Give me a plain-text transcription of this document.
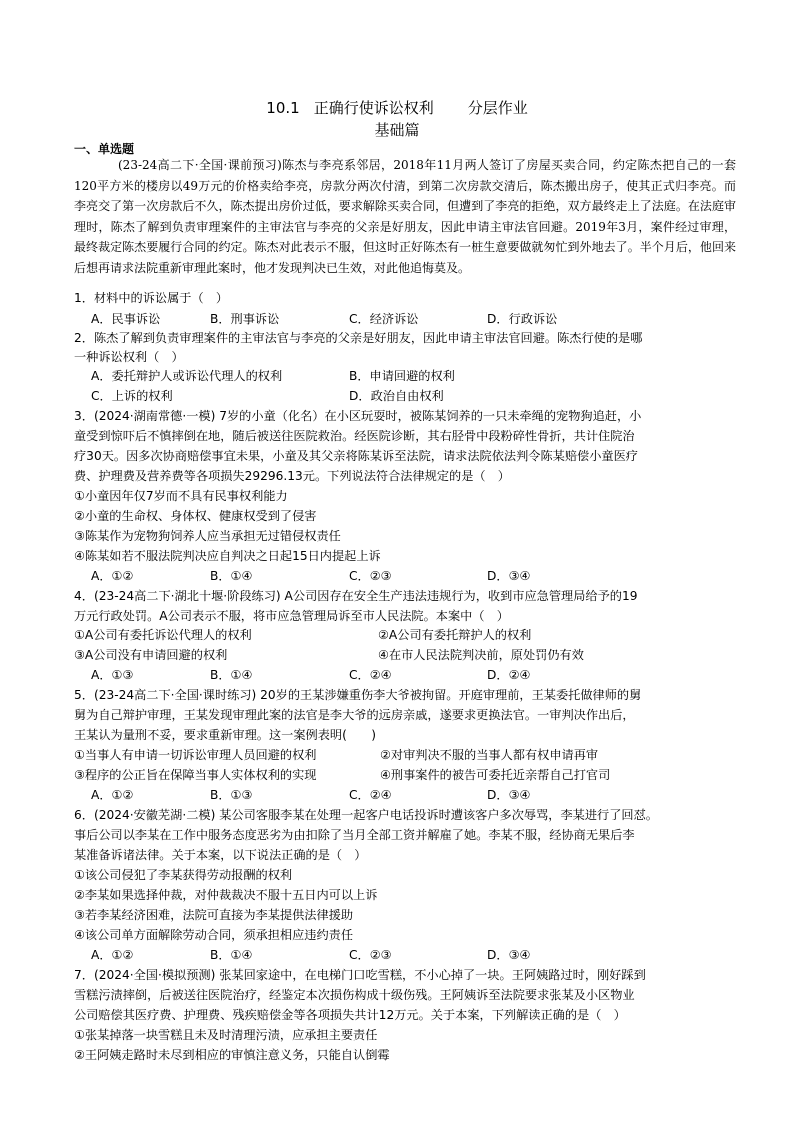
10.1 正确行使诉讼权利 分层作业
基础篇
一、单选题

(23-24高二下·全国·课前预习)陈杰与李亮系邻居，2018年11月两人签订了房屋买卖合同，约定陈杰把自己的一套120平方米的楼房以49万元的价格卖给李亮，房款分两次付清，到第二次房款交清后，陈杰搬出房子，使其正式归李亮。而李亮交了第一次房款后不久，陈杰提出房价过低，要求解除买卖合同，但遭到了李亮的拒绝，双方最终走上了法庭。在法庭审理时，陈杰了解到负责审理案件的主审法官与李亮的父亲是好朋友，因此申请主审法官回避。2019年3月，案件经过审理，最终裁定陈杰要履行合同的约定。陈杰对此表示不服，但这时正好陈杰有一桩生意要做就匆忙到外地去了。半个月后，他回来后想再请求法院重新审理此案时，他才发现判决已生效，对此他追悔莫及。

1．材料中的诉讼属于（　）
A．民事诉讼	B．刑事诉讼	C．经济诉讼	D．行政诉讼
2．陈杰了解到负责审理案件的主审法官与李亮的父亲是好朋友，因此申请主审法官回避。陈杰行使的是哪
一种诉讼权利（　）
A．委托辩护人或诉讼代理人的权利	B．申请回避的权利
C．上诉的权利	D．政治自由权利
3．(2024·湖南常德·一模) 7岁的小童（化名）在小区玩耍时，被陈某饲养的一只未牵绳的宠物狗追赶，小
童受到惊吓后不慎摔倒在地，随后被送往医院救治。经医院诊断，其右胫骨中段粉碎性骨折，共计住院治
疗30天。因多次协商赔偿事宜未果，小童及其父亲将陈某诉至法院，请求法院依法判令陈某赔偿小童医疗
费、护理费及营养费等各项损失29296.13元。下列说法符合法律规定的是（　）
①小童因年仅7岁而不具有民事权利能力
②小童的生命权、身体权、健康权受到了侵害
③陈某作为宠物狗饲养人应当承担无过错侵权责任
④陈某如若不服法院判决应自判决之日起15日内提起上诉
A．①②	B．①④	C．②③	D．③④
4．(23-24高二下·湖北十堰·阶段练习) A公司因存在安全生产违法违规行为，收到市应急管理局给予的19
万元行政处罚。A公司表示不服，将市应急管理局诉至市人民法院。本案中（　）
①A公司有委托诉讼代理人的权利	②A公司有委托辩护人的权利
③A公司没有申请回避的权利	④在市人民法院判决前，原处罚仍有效
A．①③	B．①④	C．②④	D．②④
5．(23-24高二下·全国·课时练习) 20岁的王某涉嫌重伤李大爷被拘留。开庭审理前，王某委托做律师的舅
舅为自己辩护审理，王某发现审理此案的法官是李大爷的远房亲戚，遂要求更换法官。一审判决作出后，
王某认为量刑不妥，要求重新审理。这一案例表明(　　)
①当事人有申请一切诉讼审理人员回避的权利	②对审判决不服的当事人都有权申请再审
③程序的公正旨在保障当事人实体权利的实现	④刑事案件的被告可委托近亲帮自己打官司
A．①②	B．①③	C．②④	D．③④
6．(2024·安徽芜湖·二模) 某公司客服李某在处理一起客户电话投诉时遭该客户多次辱骂，李某进行了回怼。
事后公司以李某在工作中服务态度恶劣为由扣除了当月全部工资并解雇了她。李某不服，经协商无果后李
某准备诉诸法律。关于本案，以下说法正确的是（　）
①该公司侵犯了李某获得劳动报酬的权利
②李某如果选择仲裁，对仲裁裁决不服十五日内可以上诉
③若李某经济困难，法院可直接为李某提供法律援助
④该公司单方面解除劳动合同，须承担相应违约责任
A．①②	B．①④	C．②③	D．③④
7．(2024·全国·模拟预测) 张某回家途中，在电梯门口吃雪糕，不小心掉了一块。王阿姨路过时，刚好踩到
雪糕污渍摔倒，后被送往医院治疗，经鉴定本次损伤构成十级伤残。王阿姨诉至法院要求张某及小区物业
公司赔偿其医疗费、护理费、残疾赔偿金等各项损失共计12万元。关于本案，下列解读正确的是（　）
①张某掉落一块雪糕且未及时清理污渍，应承担主要责任
②王阿姨走路时未尽到相应的审慎注意义务，只能自认倒霉
